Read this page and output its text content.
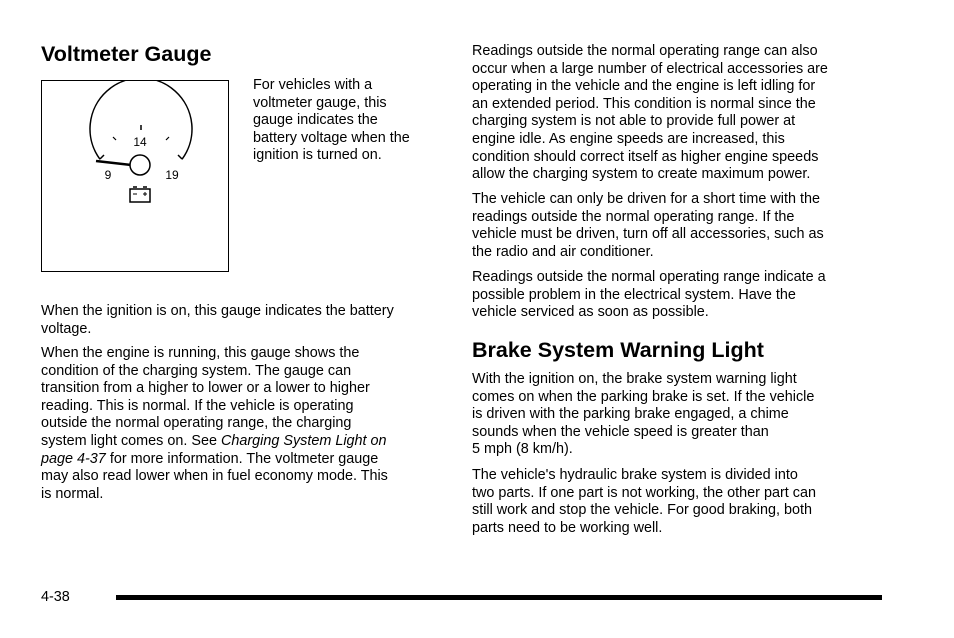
Voltmeter Gauge
14
9	19

For vehicles with a
voltmeter gauge, this
gauge indicates the
battery voltage when the
ignition is turned on.

When the ignition is on, this gauge indicates the battery
voltage.

When the engine is running, this gauge shows the
condition of the charging system. The gauge can
transition from a higher to lower or a lower to higher
reading. This is normal. If the vehicle is operating
outside the normal operating range, the charging
system light comes on. See Charging System Light on
page 4-37 for more information. The voltmeter gauge
may also read lower when in fuel economy mode. This
is normal.

Readings outside the normal operating range can also
occur when a large number of electrical accessories are
operating in the vehicle and the engine is left idling for
an extended period. This condition is normal since the
charging system is not able to provide full power at
engine idle. As engine speeds are increased, this
condition should correct itself as higher engine speeds
allow the charging system to create maximum power.

The vehicle can only be driven for a short time with the
readings outside the normal operating range. If the
vehicle must be driven, turn off all accessories, such as
the radio and air conditioner.

Readings outside the normal operating range indicate a
possible problem in the electrical system. Have the
vehicle serviced as soon as possible.

Brake System Warning Light

With the ignition on, the brake system warning light
comes on when the parking brake is set. If the vehicle
is driven with the parking brake engaged, a chime
sounds when the vehicle speed is greater than
5 mph (8 km/h).

The vehicle's hydraulic brake system is divided into
two parts. If one part is not working, the other part can
still work and stop the vehicle. For good braking, both
parts need to be working well.

4-38
